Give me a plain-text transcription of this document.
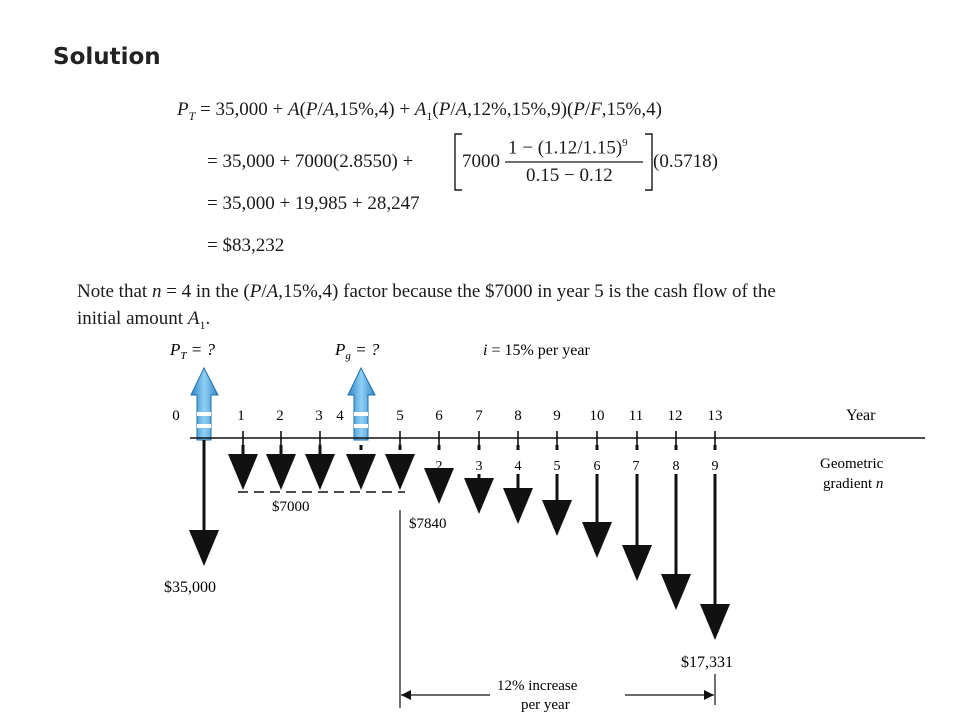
Solution
$P_T = 35,000 + A(P/A,15\%,4) + A_1(P/A,12\%,15\%,9)(P/F,15\%,4)$
= 35,000 + 7000(2.8550) +	7000
$1 - (1.12/1.15)^9$
0.15 − 0.12
(0.5718)
= 35,000 + 19,985 + 28,247
= $83,232
Note that n = 4 in the (P/A,15%,4) factor because the $7000 in year 5 is the cash flow of the
initial amount $A_1$.
$P_T$ = ?	$P_g$ = ?	i = 15% per year
0	1 2 3 4	5 6 7 8 9 10 11 12 13	Year
0 1 2 3 4 5 6 7 8 9	Geometric
gradient n
$7000
$7840
$35,000
$17,331
12% increase
per year
